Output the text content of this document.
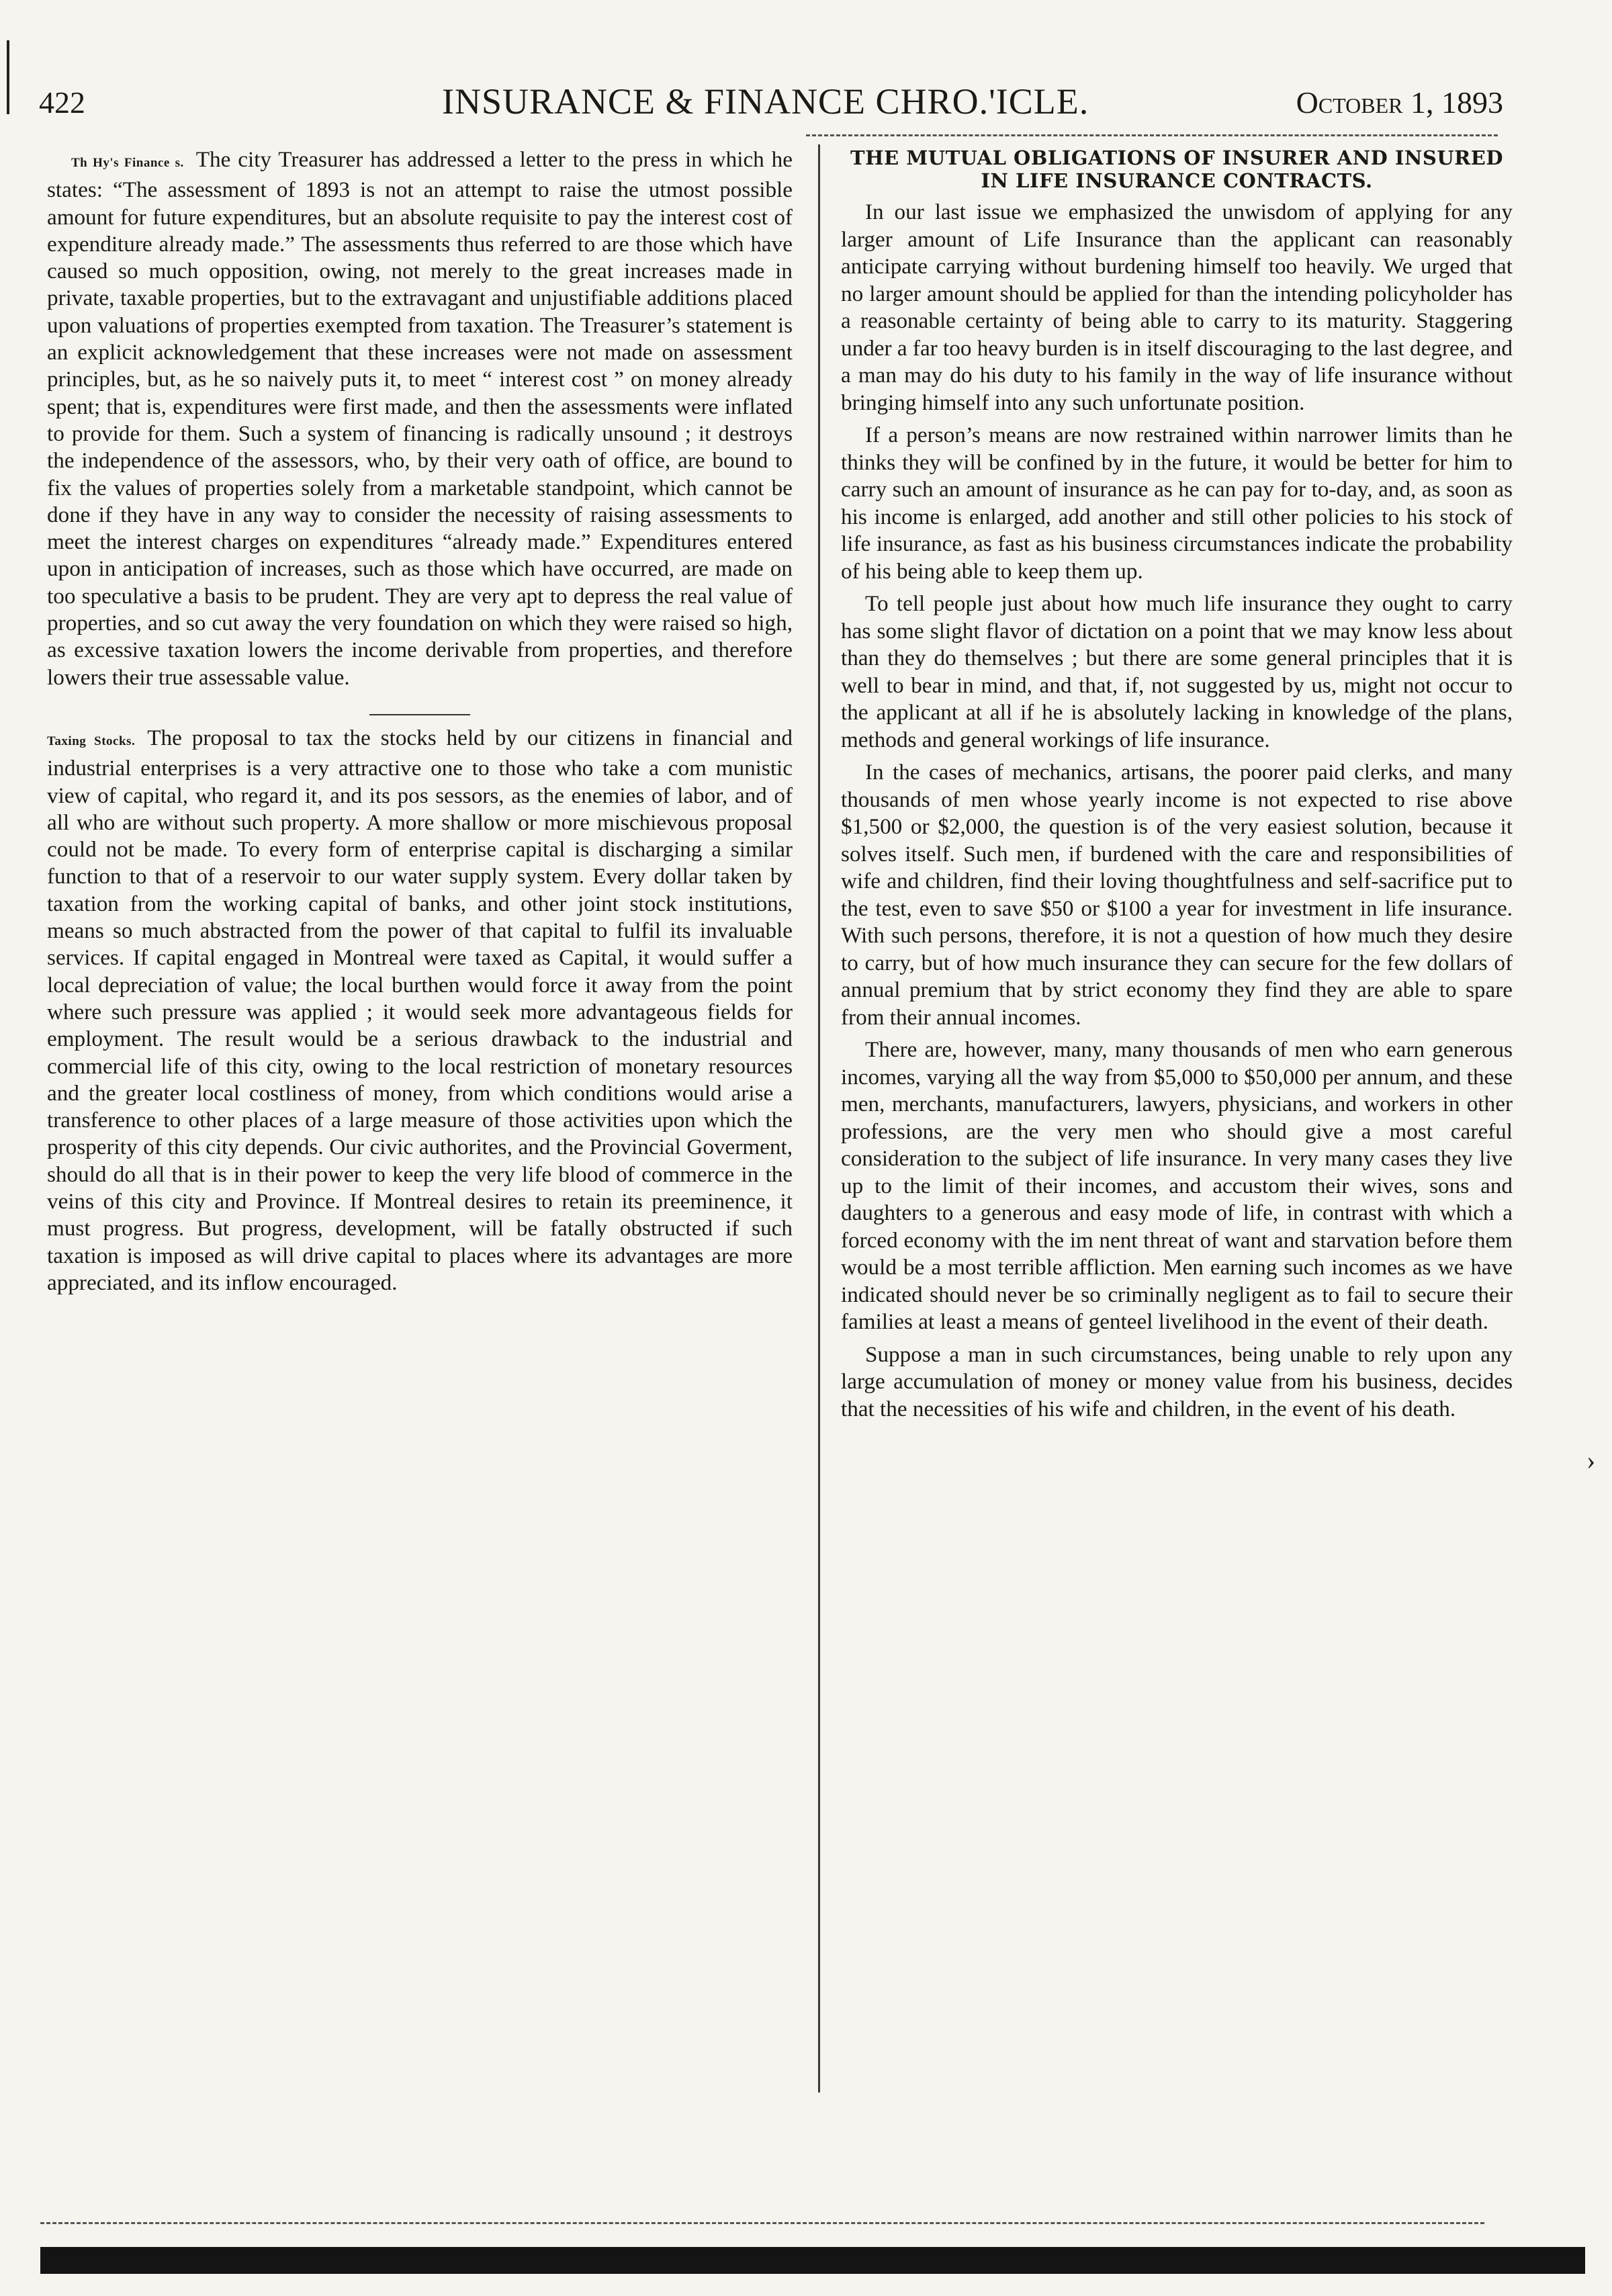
422	INSURANCE & FINANCE CHRO.'ICLE.	October 1, 1893

Th Hy's Finance s. The city Treasurer has addressed a letter to the press in which he states: “The assessment of 1893 is not an attempt to raise the utmost possible amount for future expenditures, but an absolute requisite to pay the interest cost of expenditure already made.” The assessments thus referred to are those which have caused so much opposition, owing, not merely to the great increases made in private, taxable properties, but to the extravagant and unjustifiable additions placed upon valuations of properties exempted from taxation. The Treasurer’s statement is an explicit acknowledgement that these increases were not made on assessment principles, but, as he so naively puts it, to meet “ interest cost ” on money already spent; that is, expenditures were first made, and then the assessments were inflated to provide for them. Such a system of financing is radically unsound ; it destroys the independence of the assessors, who, by their very oath of office, are bound to fix the values of properties solely from a marketable standpoint, which cannot be done if they have in any way to consider the necessity of raising assessments to meet the interest charges on expenditures “already made.” Expenditures entered upon in anticipation of increases, such as those which have occurred, are made on too speculative a basis to be prudent. They are very apt to depress the real value of properties, and so cut away the very foundation on which they were raised so high, as excessive taxation lowers the income derivable from properties, and therefore lowers their true assessable value.

Taxing Stocks. The proposal to tax the stocks held by our citizens in financial and industrial enterprises is a very attractive one to those who take a com munistic view of capital, who regard it, and its pos sessors, as the enemies of labor, and of all who are without such property. A more shallow or more mischievous proposal could not be made. To every form of enterprise capital is discharging a similar function to that of a reservoir to our water supply system. Every dollar taken by taxation from the working capital of banks, and other joint stock institutions, means so much abstracted from the power of that capital to fulfil its invaluable services. If capital engaged in Montreal were taxed as Capital, it would suffer a local depreciation of value; the local burthen would force it away from the point where such pressure was applied ; it would seek more advantageous fields for employment. The result would be a serious drawback to the industrial and commercial life of this city, owing to the local restriction of monetary resources and the greater local costliness of money, from which conditions would arise a transference to other places of a large measure of those activities upon which the prosperity of this city depends. Our civic authorites, and the Provincial Goverment, should do all that is in their power to keep the very life blood of commerce in the veins of this city and Province. If Montreal desires to retain its preeminence, it must progress. But progress, development, will be fatally obstructed if such taxation is imposed as will drive capital to places where its advantages are more appreciated, and its inflow encouraged.

THE MUTUAL OBLIGATIONS OF INSURER AND INSURED IN LIFE INSURANCE CONTRACTS.

In our last issue we emphasized the unwisdom of applying for any larger amount of Life Insurance than the applicant can reasonably anticipate carrying without burdening himself too heavily. We urged that no larger amount should be applied for than the intending policyholder has a reasonable certainty of being able to carry to its maturity. Staggering under a far too heavy burden is in itself discouraging to the last degree, and a man may do his duty to his family in the way of life insurance without bringing himself into any such unfortunate position.

If a person’s means are now restrained within narrower limits than he thinks they will be confined by in the future, it would be better for him to carry such an amount of insurance as he can pay for to-day, and, as soon as his income is enlarged, add another and still other policies to his stock of life insurance, as fast as his business circumstances indicate the probability of his being able to keep them up.

To tell people just about how much life insurance they ought to carry has some slight flavor of dictation on a point that we may know less about than they do themselves ; but there are some general principles that it is well to bear in mind, and that, if, not suggested by us, might not occur to the applicant at all if he is absolutely lacking in knowledge of the plans, methods and general workings of life insurance.

In the cases of mechanics, artisans, the poorer paid clerks, and many thousands of men whose yearly income is not expected to rise above $1,500 or $2,000, the question is of the very easiest solution, because it solves itself. Such men, if burdened with the care and responsibilities of wife and children, find their loving thoughtfulness and self-sacrifice put to the test, even to save $50 or $100 a year for investment in life insurance. With such persons, therefore, it is not a question of how much they desire to carry, but of how much insurance they can secure for the few dollars of annual premium that by strict economy they find they are able to spare from their annual incomes.

There are, however, many, many thousands of men who earn generous incomes, varying all the way from $5,000 to $50,000 per annum, and these men, merchants, manufacturers, lawyers, physicians, and workers in other professions, are the very men who should give a most careful consideration to the subject of life insurance. In very many cases they live up to the limit of their incomes, and accustom their wives, sons and daughters to a generous and easy mode of life, in contrast with which a forced economy with the im nent threat of want and starvation before them would be a most terrible affliction. Men earning such incomes as we have indicated should never be so criminally negligent as to fail to secure their families at least a means of genteel livelihood in the event of their death.

Suppose a man in such circumstances, being unable to rely upon any large accumulation of money or money value from his business, decides that the necessities of his wife and children, in the event of his death.

›
